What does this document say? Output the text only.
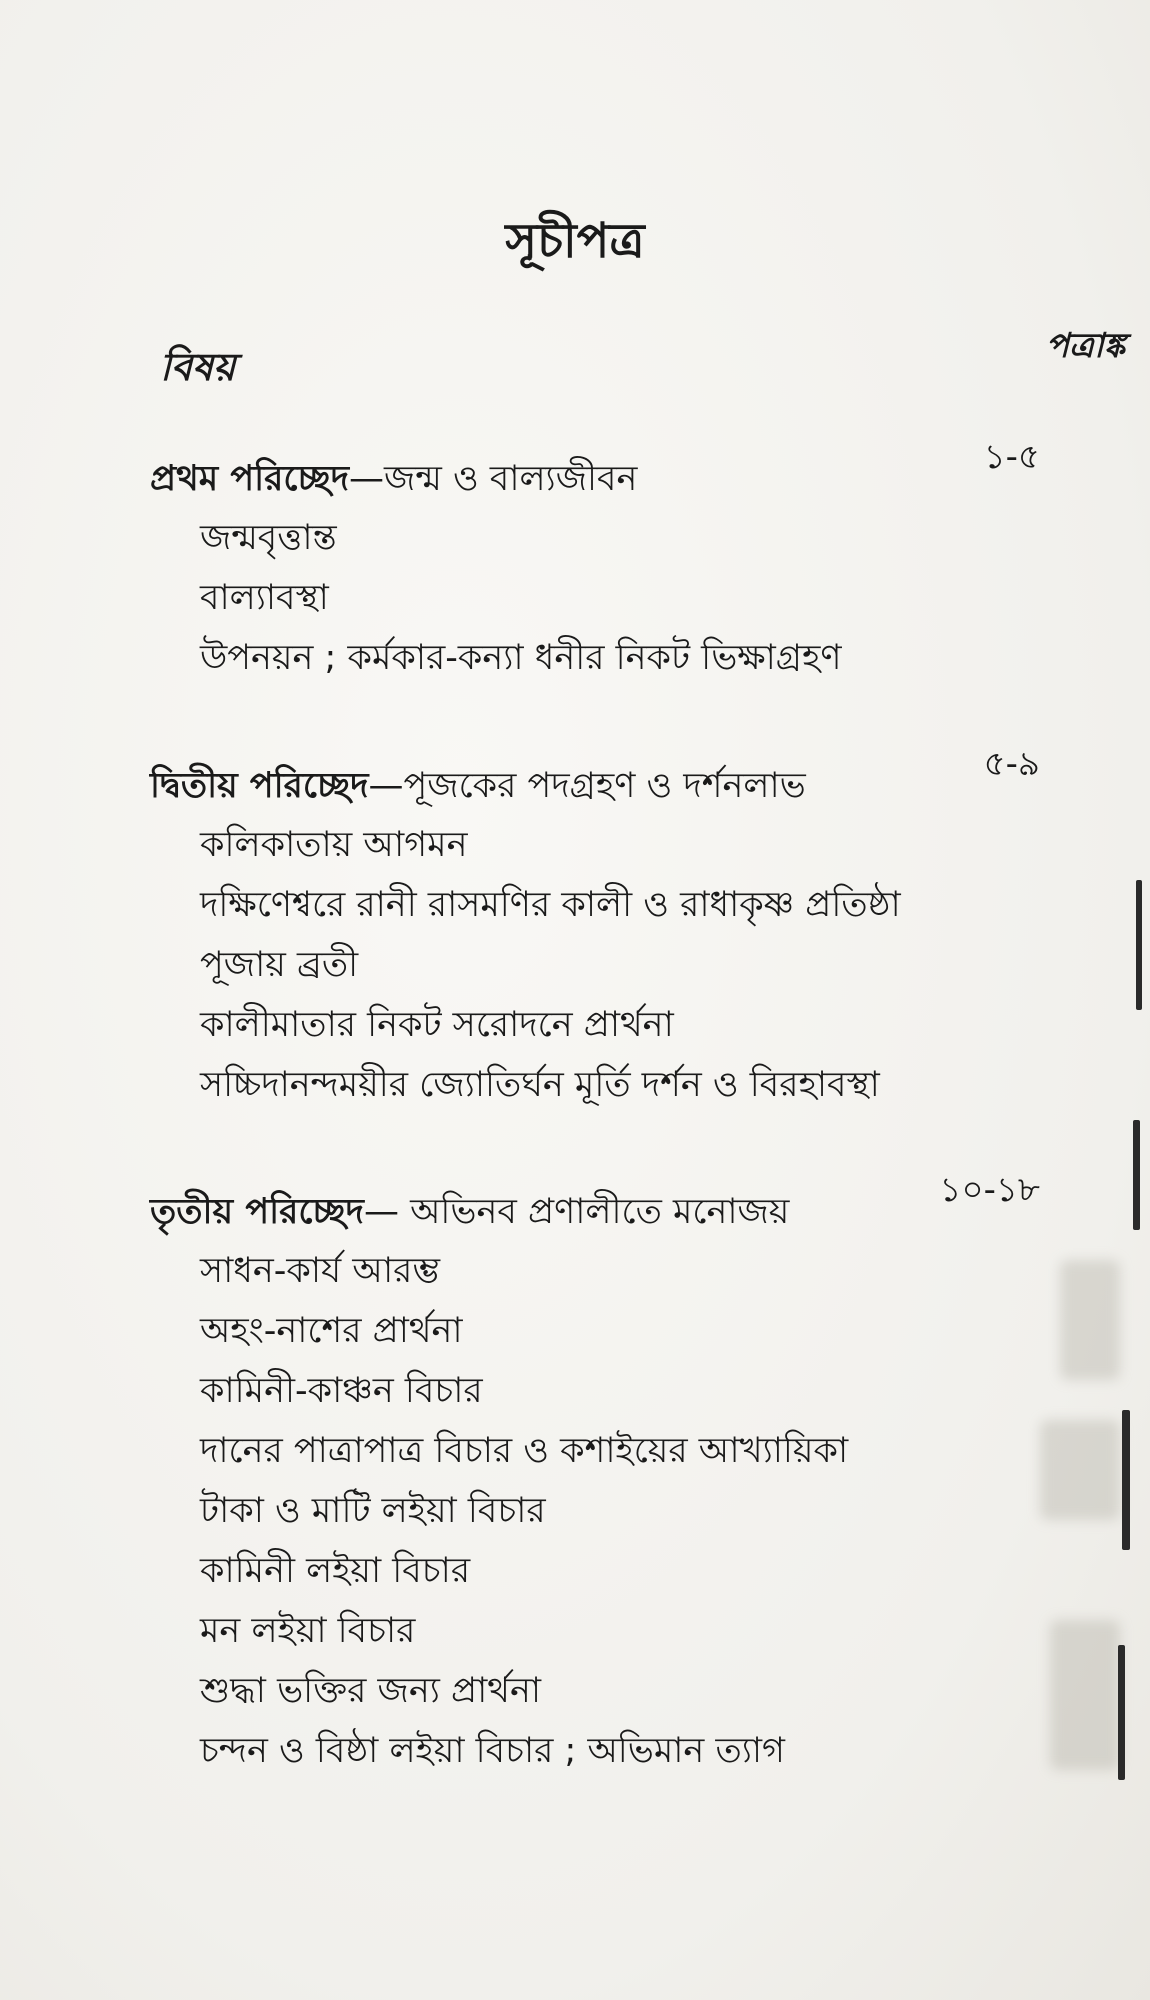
সূচীপত্র
বিষয়	পত্রাঙ্ক
প্রথম পরিচ্ছেদ—জন্ম ও বাল্যজীবন
১-৫
জন্মবৃত্তান্ত
বাল্যাবস্থা
উপনয়ন ; কর্মকার-কন্যা ধনীর নিকট ভিক্ষাগ্রহণ
দ্বিতীয় পরিচ্ছেদ—পূজকের পদগ্রহণ ও দর্শনলাভ
৫-৯
কলিকাতায় আগমন
দক্ষিণেশ্বরে রানী রাসমণির কালী ও রাধাকৃষ্ণ প্রতিষ্ঠা
পূজায় ব্রতী
কালীমাতার নিকট সরোদনে প্রার্থনা
সচ্চিদানন্দময়ীর জ্যোতির্ঘন মূর্তি দর্শন ও বিরহাবস্থা
তৃতীয় পরিচ্ছেদ— অভিনব প্রণালীতে মনোজয়
১০-১৮
সাধন-কার্য আরম্ভ
অহং-নাশের প্রার্থনা
কামিনী-কাঞ্চন বিচার
দানের পাত্রাপাত্র বিচার ও কশাইয়ের আখ্যায়িকা
টাকা ও মাটি লইয়া বিচার
কামিনী লইয়া বিচার
মন লইয়া বিচার
শুদ্ধা ভক্তির জন্য প্রার্থনা
চন্দন ও বিষ্ঠা লইয়া বিচার ; অভিমান ত্যাগ
